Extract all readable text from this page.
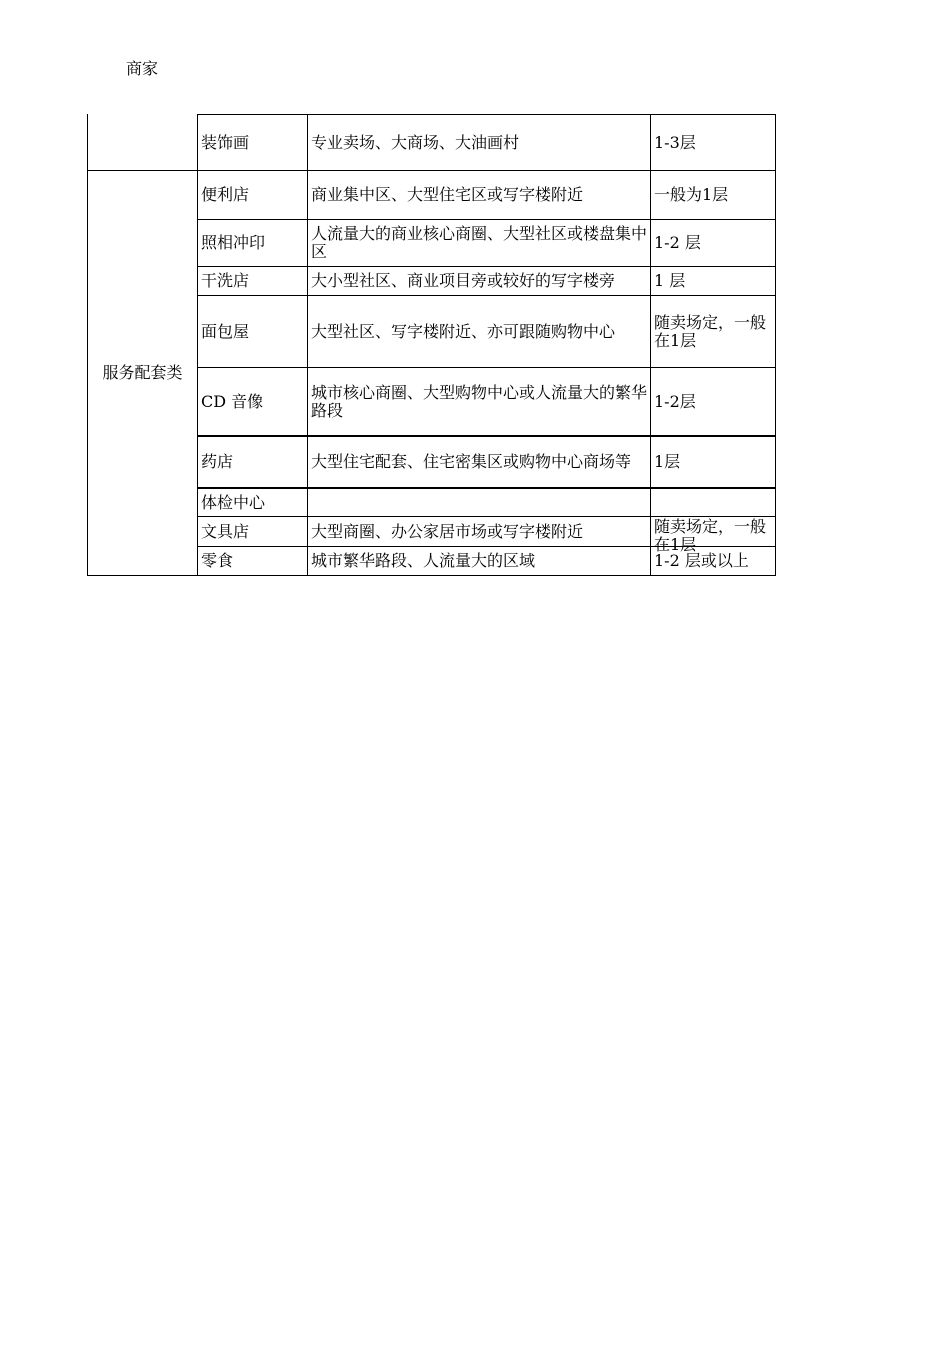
商家
服务配套类
装饰画	专业卖场、大商场、大油画村	1-3层
便利店	商业集中区、大型住宅区或写字楼附近	一般为1层
照相冲印	人流量大的商业核心商圈、大型社区或楼盘集中区	1-2 层
干洗店	大小型社区、商业项目旁或较好的写字楼旁 1 层
面包屋	大型社区、写字楼附近、亦可跟随购物中心 随卖场定，一般在1层
CD 音像	城市核心商圈、大型购物中心或人流量大的繁华路段	1-2层
药店	大型住宅配套、住宅密集区或购物中心商场等 1层
体检中心
文具店	大型商圈、办公家居市场或写字楼附近	随卖场定，一般在1层
零食	城市繁华路段、人流量大的区域	1-2 层或以上
